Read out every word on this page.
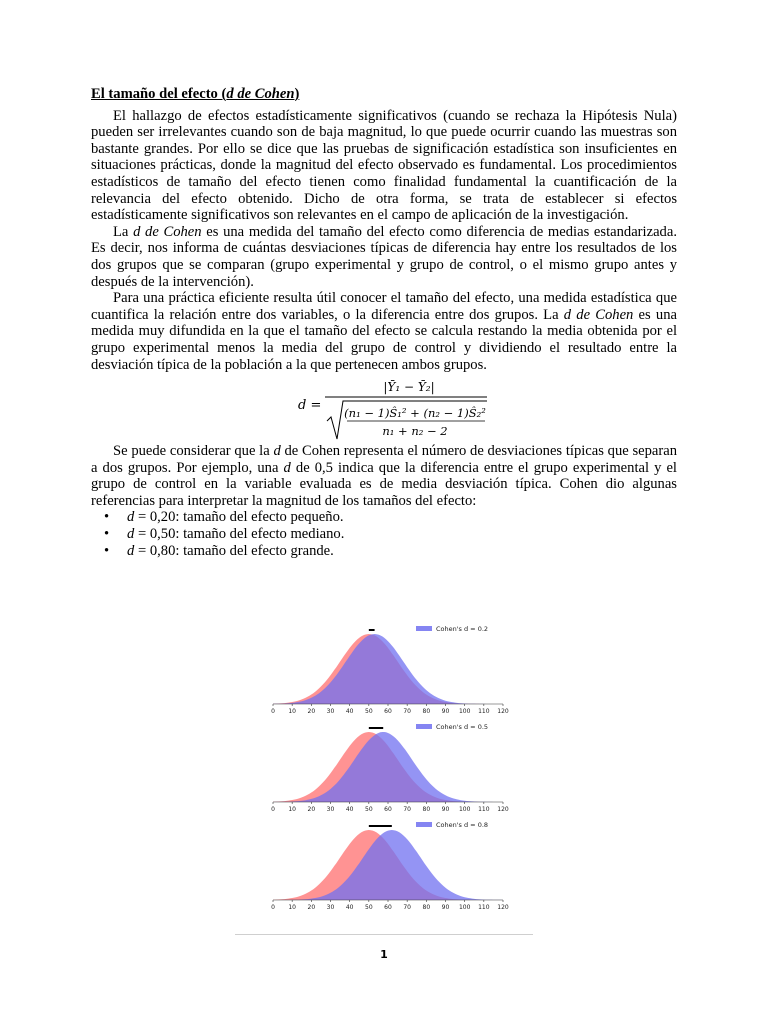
El tamaño del efecto (d de Cohen)

El hallazgo de efectos estadísticamente significativos (cuando se rechaza la Hipótesis Nula) pueden ser irrelevantes cuando son de baja magnitud, lo que puede ocurrir cuando las muestras son bastante grandes. Por ello se dice que las pruebas de significación estadística son insuficientes en situaciones prácticas, donde la magnitud del efecto observado es fundamental. Los procedimientos estadísticos de tamaño del efecto tienen como finalidad fundamental la cuantificación de la relevancia del efecto obtenido. Dicho de otra forma, se trata de establecer si efectos estadísticamente significativos son relevantes en el campo de aplicación de la investigación.

La d de Cohen es una medida del tamaño del efecto como diferencia de medias estandarizada. Es decir, nos informa de cuántas desviaciones típicas de diferencia hay entre los resultados de los dos grupos que se comparan (grupo experimental y grupo de control, o el mismo grupo antes y después de la intervención).

Para una práctica eficiente resulta útil conocer el tamaño del efecto, una medida estadística que cuantifica la relación entre dos variables, o la diferencia entre dos grupos. La d de Cohen es una medida muy difundida en la que el tamaño del efecto se calcula restando la media obtenida por el grupo experimental menos la media del grupo de control y dividiendo el resultado entre la desviación típica de la población a la que pertenecen ambos grupos.

d =
|Ȳ₁ − Ȳ₂|
(n₁ − 1)Ŝ₁² + (n₂ − 1)Ŝ₂²
n₁ + n₂ − 2

Se puede considerar que la d de Cohen representa el número de desviaciones típicas que separan a dos grupos. Por ejemplo, una d de 0,5 indica que la diferencia entre el grupo experimental y el grupo de control en la variable evaluada es de media desviación típica. Cohen dio algunas referencias para interpretar la magnitud de los tamaños del efecto:

• d = 0,20: tamaño del efecto pequeño.
• d = 0,50: tamaño del efecto mediano.
• d = 0,80: tamaño del efecto grande.
0 10 20 30 40 50 60 70 80 90 100 110 120
Cohen's d = 0.2
0 10 20 30 40 50 60 70 80 90 100 110 120
Cohen's d = 0.5
0 10 20 30 40 50 60 70 80 90 100 110 120
Cohen's d = 0.8
1
